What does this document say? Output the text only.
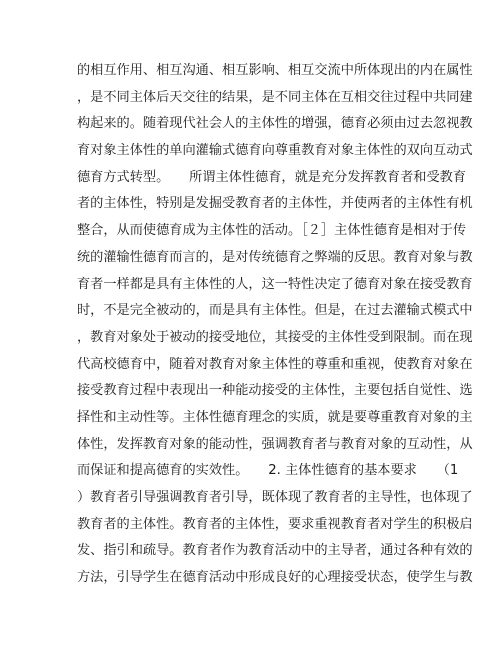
的相互作用、相互沟通、相互影响、相互交流中所体现出的内在属性
，是不同主体后天交往的结果，是不同主体在互相交往过程中共同建
构起来的。随着现代社会人的主体性的增强，德育必须由过去忽视教
育对象主体性的单向灌输式德育向尊重教育对象主体性的双向互动式
德育方式转型。　　所谓主体性德育，就是充分发挥教育者和受教育
者的主体性，特别是发掘受教育者的主体性，并使两者的主体性有机
整合，从而使德育成为主体性的活动。［２］主体性德育是相对于传
统的灌输性德育而言的，是对传统德育之弊端的反思。教育对象与教
育者一样都是具有主体性的人，这一特性决定了德育对象在接受教育
时，不是完全被动的，而是具有主体性。但是，在过去灌输式模式中
，教育对象处于被动的接受地位，其接受的主体性受到限制。而在现
代高校德育中，随着对教育对象主体性的尊重和重视，使教育对象在
接受教育过程中表现出一种能动接受的主体性，主要包括自觉性、选
择性和主动性等。主体性德育理念的实质，就是要尊重教育对象的主
体性，发挥教育对象的能动性，强调教育者与教育对象的互动性，从
而保证和提高德育的实效性。　　2. 主体性德育的基本要求　　（1
）教育者引导强调教育者引导，既体现了教育者的主导性，也体现了
教育者的主体性。教育者的主体性，要求重视教育者对学生的积极启
发、指引和疏导。教育者作为教育活动中的主导者，通过各种有效的
方法，引导学生在德育活动中形成良好的心理接受状态，使学生与教
